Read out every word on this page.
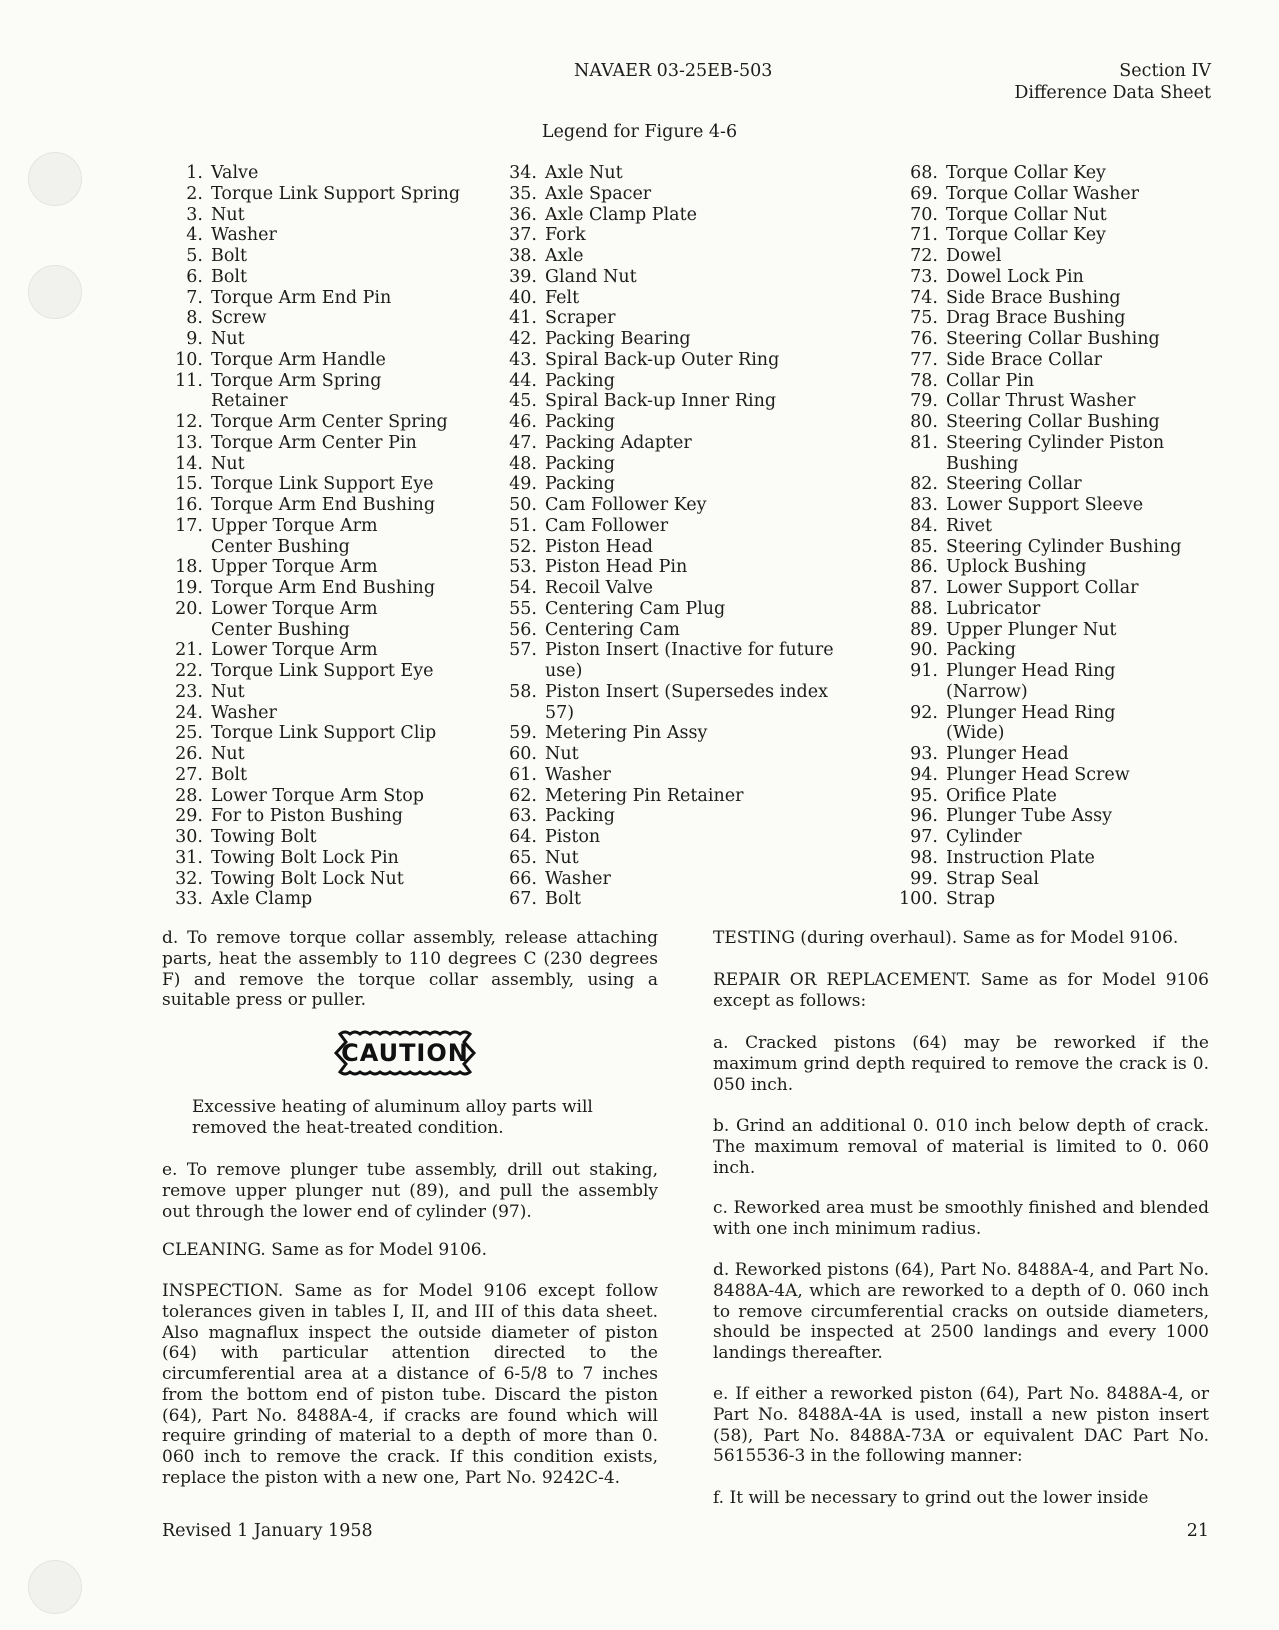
NAVAER 03-25EB-503	Section IV
Difference Data Sheet
Legend for Figure 4-6
1. Valve
2. Torque Link Support Spring
3. Nut
4. Washer
5. Bolt
6. Bolt
7. Torque Arm End Pin
8. Screw
9. Nut
10. Torque Arm Handle
11. Torque Arm Spring
Retainer
12. Torque Arm Center Spring
13. Torque Arm Center Pin
14. Nut
15. Torque Link Support Eye
16. Torque Arm End Bushing
17. Upper Torque Arm
Center Bushing
18. Upper Torque Arm
19. Torque Arm End Bushing
20. Lower Torque Arm
Center Bushing
21. Lower Torque Arm
22. Torque Link Support Eye
23. Nut
24. Washer
25. Torque Link Support Clip
26. Nut
27. Bolt
28. Lower Torque Arm Stop
29. For to Piston Bushing
30. Towing Bolt
31. Towing Bolt Lock Pin
32. Towing Bolt Lock Nut
33. Axle Clamp
34. Axle Nut
35. Axle Spacer
36. Axle Clamp Plate
37. Fork
38. Axle
39. Gland Nut
40. Felt
41. Scraper
42. Packing Bearing
43. Spiral Back-up Outer Ring
44. Packing
45. Spiral Back-up Inner Ring
46. Packing
47. Packing Adapter
48. Packing
49. Packing
50. Cam Follower Key
51. Cam Follower
52. Piston Head
53. Piston Head Pin
54. Recoil Valve
55. Centering Cam Plug
56. Centering Cam
57. Piston Insert (Inactive for future
use)
58. Piston Insert (Supersedes index
57)
59. Metering Pin Assy
60. Nut
61. Washer
62. Metering Pin Retainer
63. Packing
64. Piston
65. Nut
66. Washer
67. Bolt
68. Torque Collar Key
69. Torque Collar Washer
70. Torque Collar Nut
71. Torque Collar Key
72. Dowel
73. Dowel Lock Pin
74. Side Brace Bushing
75. Drag Brace Bushing
76. Steering Collar Bushing
77. Side Brace Collar
78. Collar Pin
79. Collar Thrust Washer
80. Steering Collar Bushing
81. Steering Cylinder Piston
Bushing
82. Steering Collar
83. Lower Support Sleeve
84. Rivet
85. Steering Cylinder Bushing
86. Uplock Bushing
87. Lower Support Collar
88. Lubricator
89. Upper Plunger Nut
90. Packing
91. Plunger Head Ring
(Narrow)
92. Plunger Head Ring
(Wide)
93. Plunger Head
94. Plunger Head Screw
95. Orifice Plate
96. Plunger Tube Assy
97. Cylinder
98. Instruction Plate
99. Strap Seal
100. Strap
d. To remove torque collar assembly, release attaching parts, heat the assembly to 110 degrees C (230 degrees F) and remove the torque collar assembly, using a suitable press or puller.
CAUTION
Excessive heating of aluminum alloy parts will removed the heat-treated condition.
e. To remove plunger tube assembly, drill out staking, remove upper plunger nut (89), and pull the assembly out through the lower end of cylinder (97).
CLEANING. Same as for Model 9106.
INSPECTION. Same as for Model 9106 except follow tolerances given in tables I, II, and III of this data sheet. Also magnaflux inspect the outside diameter of piston (64) with particular attention directed to the circumferential area at a distance of 6-5/8 to 7 inches from the bottom end of piston tube. Discard the piston (64), Part No. 8488A-4, if cracks are found which will require grinding of material to a depth of more than 0. 060 inch to remove the crack. If this condition exists, replace the piston with a new one, Part No. 9242C-4.
TESTING (during overhaul). Same as for Model 9106.
REPAIR OR REPLACEMENT. Same as for Model 9106 except as follows:
a. Cracked pistons (64) may be reworked if the maximum grind depth required to remove the crack is 0. 050 inch.
b. Grind an additional 0. 010 inch below depth of crack. The maximum removal of material is limited to 0. 060 inch.
c. Reworked area must be smoothly finished and blended with one inch minimum radius.
d. Reworked pistons (64), Part No. 8488A-4, and Part No. 8488A-4A, which are reworked to a depth of 0. 060 inch to remove circumferential cracks on outside diameters, should be inspected at 2500 landings and every 1000 landings thereafter.
e. If either a reworked piston (64), Part No. 8488A-4, or Part No. 8488A-4A is used, install a new piston insert (58), Part No. 8488A-73A or equivalent DAC Part No. 5615536-3 in the following manner:
f. It will be necessary to grind out the lower inside
Revised 1 January 1958	21
